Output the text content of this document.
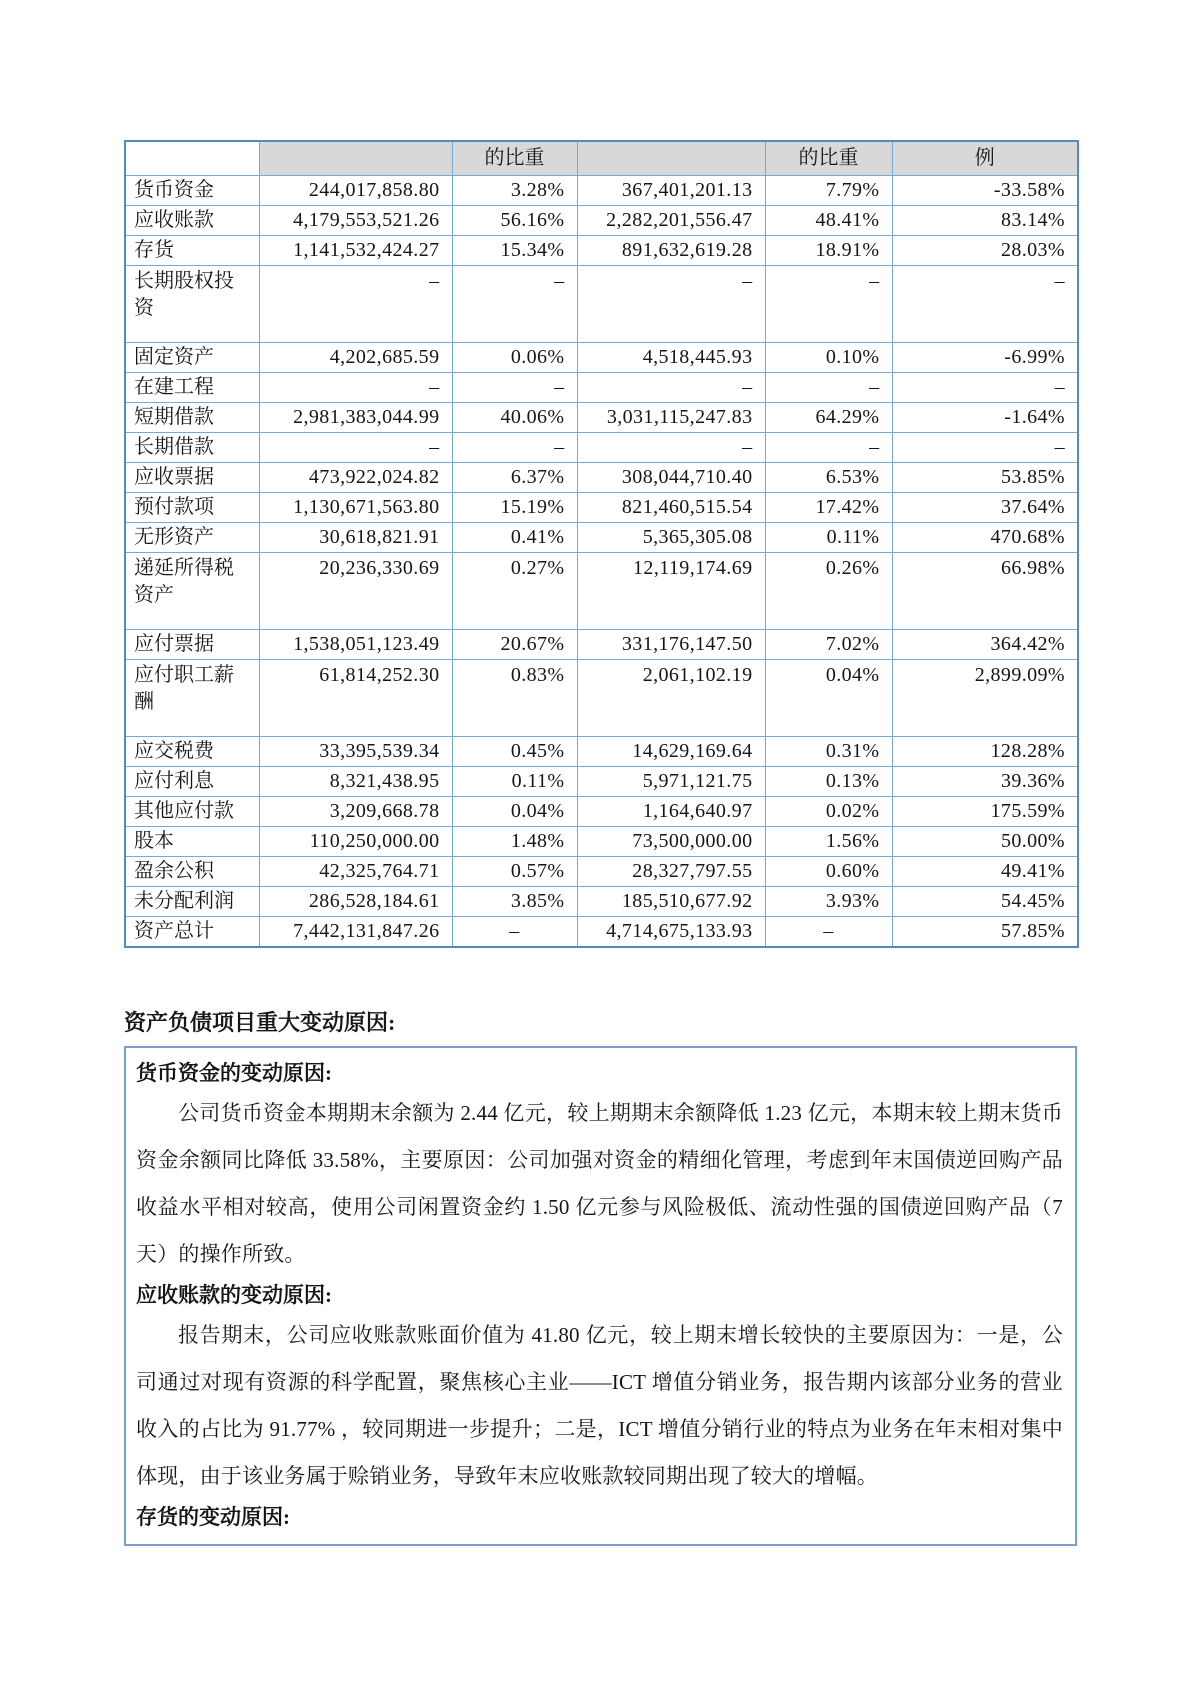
		的比重		的比重	例
货币资金	244,017,858.80	3.28%	367,401,201.13	7.79%	-33.58%
应收账款	4,179,553,521.26	56.16%	2,282,201,556.47	48.41%	83.14%
存货	1,141,532,424.27	15.34%	891,632,619.28	18.91%	28.03%
长期股权投资	–	–	–	–	–
固定资产	4,202,685.59	0.06%	4,518,445.93	0.10%	-6.99%
在建工程	–	–	–	–	–
短期借款	2,981,383,044.99	40.06%	3,031,115,247.83	64.29%	-1.64%
长期借款	–	–	–	–	–
应收票据	473,922,024.82	6.37%	308,044,710.40	6.53%	53.85%
预付款项	1,130,671,563.80	15.19%	821,460,515.54	17.42%	37.64%
无形资产	30,618,821.91	0.41%	5,365,305.08	0.11%	470.68%
递延所得税资产	20,236,330.69	0.27%	12,119,174.69	0.26%	66.98%
应付票据	1,538,051,123.49	20.67%	331,176,147.50	7.02%	364.42%
应付职工薪酬	61,814,252.30	0.83%	2,061,102.19	0.04%	2,899.09%
应交税费	33,395,539.34	0.45%	14,629,169.64	0.31%	128.28%
应付利息	8,321,438.95	0.11%	5,971,121.75	0.13%	39.36%
其他应付款	3,209,668.78	0.04%	1,164,640.97	0.02%	175.59%
股本	110,250,000.00	1.48%	73,500,000.00	1.56%	50.00%
盈余公积	42,325,764.71	0.57%	28,327,797.55	0.60%	49.41%
未分配利润	286,528,184.61	3.85%	185,510,677.92	3.93%	54.45%
资产总计	7,442,131,847.26	–	4,714,675,133.93	–	57.85%
资产负债项目重大变动原因:
货币资金的变动原因:
公司货币资金本期期末余额为 2.44 亿元，较上期期末余额降低 1.23 亿元，本期末较上期末货币资金余额同比降低 33.58%，主要原因：公司加强对资金的精细化管理，考虑到年末国债逆回购产品收益水平相对较高，使用公司闲置资金约 1.50 亿元参与风险极低、流动性强的国债逆回购产品（7 天）的操作所致。
应收账款的变动原因:
报告期末，公司应收账款账面价值为 41.80 亿元，较上期末增长较快的主要原因为：一是，公司通过对现有资源的科学配置，聚焦核心主业——ICT 增值分销业务，报告期内该部分业务的营业收入的占比为 91.77% ，较同期进一步提升；二是，ICT 增值分销行业的特点为业务在年末相对集中体现，由于该业务属于赊销业务，导致年末应收账款较同期出现了较大的增幅。
存货的变动原因:
